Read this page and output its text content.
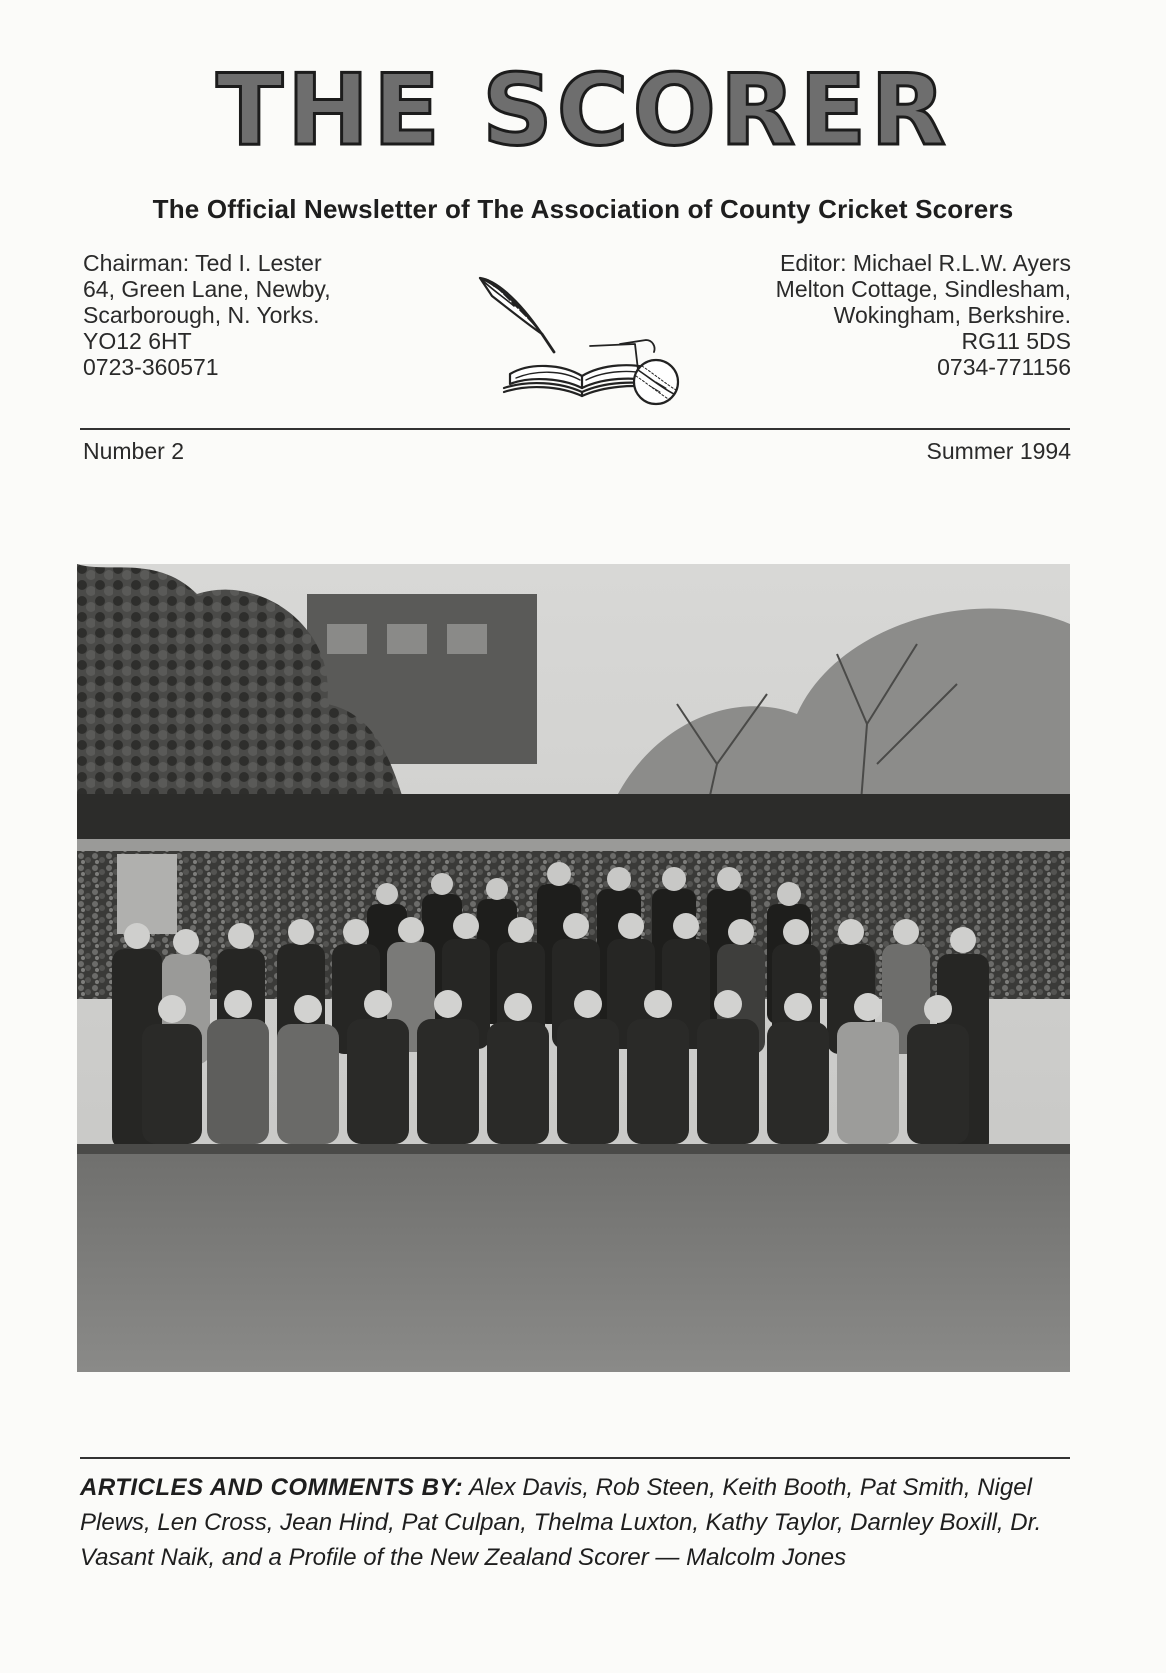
THE SCORER
The Official Newsletter of The Association of County Cricket Scorers
Chairman: Ted I. Lester
64, Green Lane, Newby,
Scarborough, N. Yorks.
YO12 6HT
0723-360571
Editor: Michael R.L.W. Ayers
Melton Cottage, Sindlesham,
Wokingham, Berkshire.
RG11 5DS
0734-771156
Number 2	Summer 1994
ARTICLES AND COMMENTS BY: Alex Davis, Rob Steen, Keith Booth, Pat Smith, Nigel Plews, Len Cross, Jean Hind, Pat Culpan, Thelma Luxton, Kathy Taylor, Darnley Boxill, Dr. Vasant Naik, and a Profile of the New Zealand Scorer — Malcolm Jones
